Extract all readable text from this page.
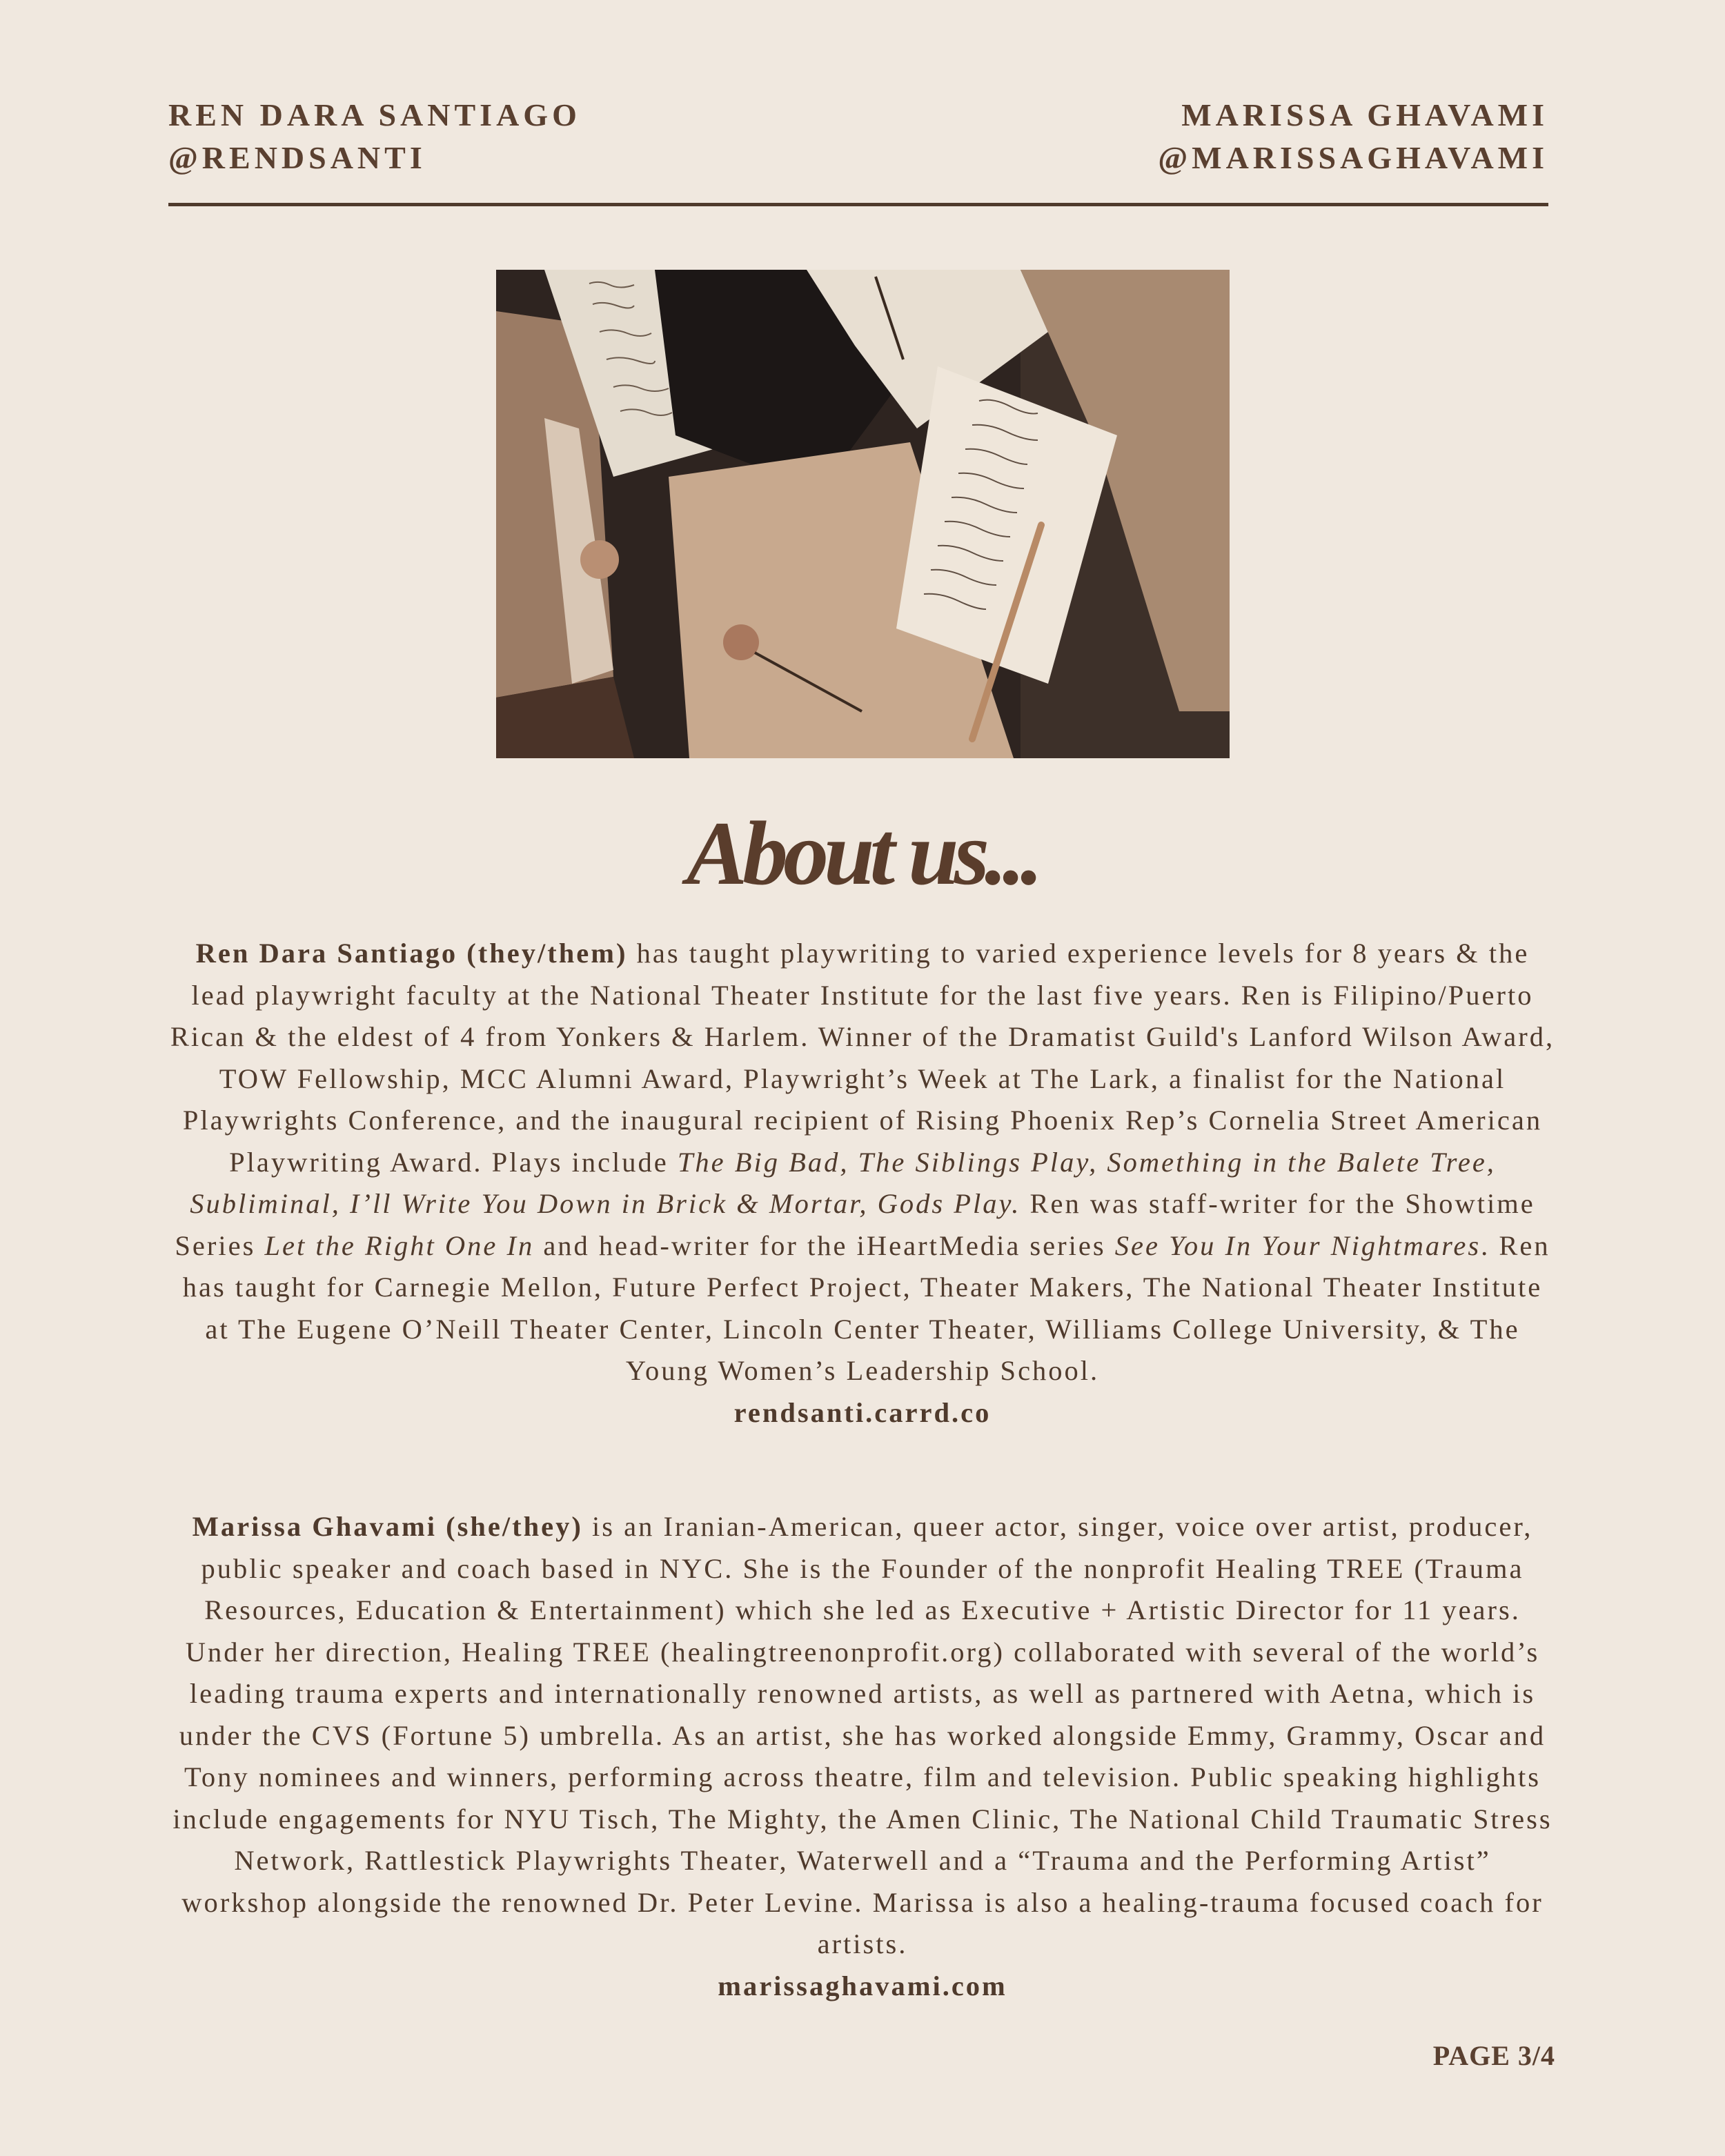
REN DARA SANTIAGO
@RENDSANTI
MARISSA GHAVAMI
@MARISSAGHAVAMI
About us...
Ren Dara Santiago (they/them) has taught playwriting to varied experience levels for 8 years & the lead playwright faculty at the National Theater Institute for the last five years. Ren is Filipino/Puerto Rican & the eldest of 4 from Yonkers & Harlem. Winner of the Dramatist Guild's Lanford Wilson Award, TOW Fellowship, MCC Alumni Award, Playwright’s Week at The Lark, a finalist for the National Playwrights Conference, and the inaugural recipient of Rising Phoenix Rep’s Cornelia Street American Playwriting Award. Plays include The Big Bad, The Siblings Play, Something in the Balete Tree, Subliminal, I’ll Write You Down in Brick & Mortar, Gods Play. Ren was staff-writer for the Showtime Series Let the Right One In and head-writer for the iHeartMedia series See You In Your Nightmares. Ren has taught for Carnegie Mellon, Future Perfect Project, Theater Makers, The National Theater Institute at The Eugene O’Neill Theater Center, Lincoln Center Theater, Williams College University, & The Young Women’s Leadership School.
rendsanti.carrd.co
Marissa Ghavami (she/they) is an Iranian-American, queer actor, singer, voice over artist, producer, public speaker and coach based in NYC. She is the Founder of the nonprofit Healing TREE (Trauma Resources, Education & Entertainment) which she led as Executive + Artistic Director for 11 years. Under her direction, Healing TREE (healingtreenonprofit.org) collaborated with several of the world’s leading trauma experts and internationally renowned artists, as well as partnered with Aetna, which is under the CVS (Fortune 5) umbrella. As an artist, she has worked alongside Emmy, Grammy, Oscar and Tony nominees and winners, performing across theatre, film and television. Public speaking highlights include engagements for NYU Tisch, The Mighty, the Amen Clinic, The National Child Traumatic Stress Network, Rattlestick Playwrights Theater, Waterwell and a “Trauma and the Performing Artist” workshop alongside the renowned Dr. Peter Levine. Marissa is also a healing-trauma focused coach for artists.
marissaghavami.com
PAGE 3/4
